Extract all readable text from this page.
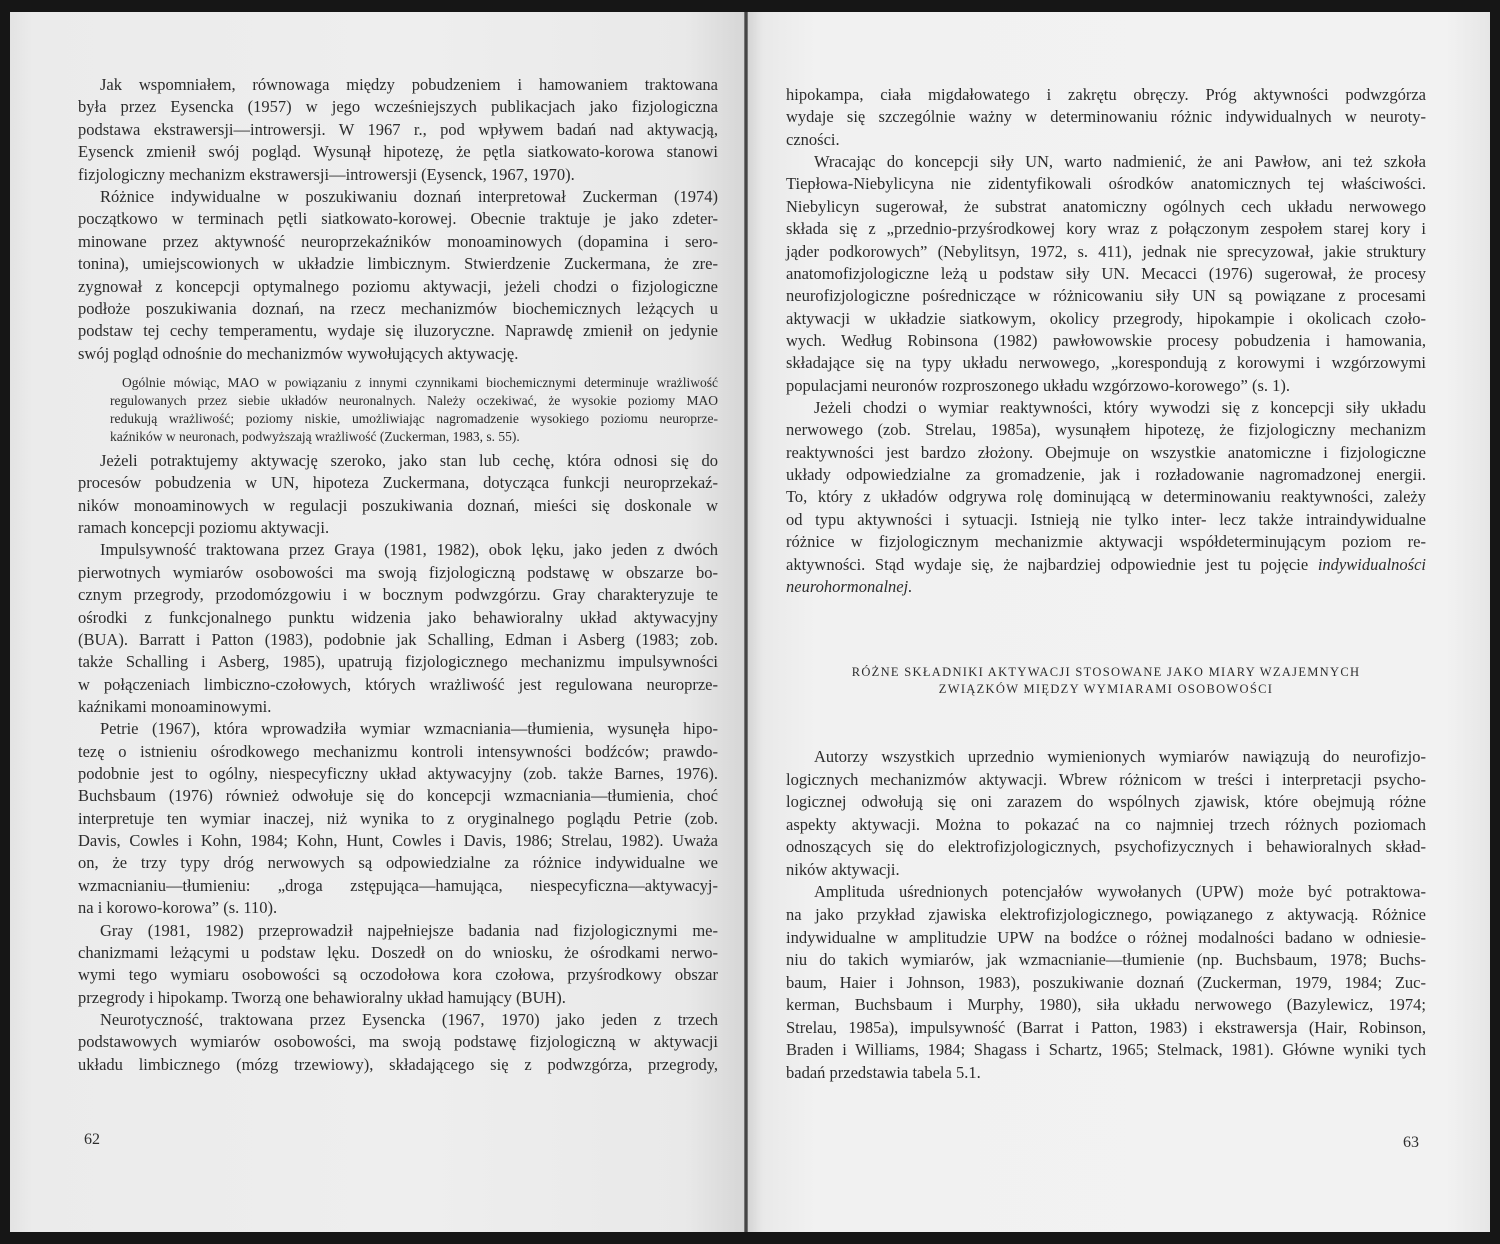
Jak wspomniałem, równowaga między pobudzeniem i hamowaniem traktowana
była przez Eysencka (1957) w jego wcześniejszych publikacjach jako fizjologiczna
podstawa ekstrawersji—introwersji. W 1967 r., pod wpływem badań nad aktywacją,
Eysenck zmienił swój pogląd. Wysunął hipotezę, że pętla siatkowato-korowa stanowi
fizjologiczny mechanizm ekstrawersji—introwersji (Eysenck, 1967, 1970).
Różnice indywidualne w poszukiwaniu doznań interpretował Zuckerman (1974)
początkowo w terminach pętli siatkowato-korowej. Obecnie traktuje je jako zdeter-
minowane przez aktywność neuroprzekaźników monoaminowych (dopamina i sero-
tonina), umiejscowionych w układzie limbicznym. Stwierdzenie Zuckermana, że zre-
zygnował z koncepcji optymalnego poziomu aktywacji, jeżeli chodzi o fizjologiczne
podłoże poszukiwania doznań, na rzecz mechanizmów biochemicznych leżących u
podstaw tej cechy temperamentu, wydaje się iluzoryczne. Naprawdę zmienił on jedynie
swój pogląd odnośnie do mechanizmów wywołujących aktywację.
Ogólnie mówiąc, MAO w powiązaniu z innymi czynnikami biochemicznymi determinuje wrażliwość
regulowanych przez siebie układów neuronalnych. Należy oczekiwać, że wysokie poziomy MAO
redukują wrażliwość; poziomy niskie, umożliwiając nagromadzenie wysokiego poziomu neuroprze-
kaźników w neuronach, podwyższają wrażliwość (Zuckerman, 1983, s. 55).
Jeżeli potraktujemy aktywację szeroko, jako stan lub cechę, która odnosi się do
procesów pobudzenia w UN, hipoteza Zuckermana, dotycząca funkcji neuroprzekaź-
ników monoaminowych w regulacji poszukiwania doznań, mieści się doskonale w
ramach koncepcji poziomu aktywacji.
Impulsywność traktowana przez Graya (1981, 1982), obok lęku, jako jeden z dwóch
pierwotnych wymiarów osobowości ma swoją fizjologiczną podstawę w obszarze bo-
cznym przegrody, przodomózgowiu i w bocznym podwzgórzu. Gray charakteryzuje te
ośrodki z funkcjonalnego punktu widzenia jako behawioralny układ aktywacyjny
(BUA). Barratt i Patton (1983), podobnie jak Schalling, Edman i Asberg (1983; zob.
także Schalling i Asberg, 1985), upatrują fizjologicznego mechanizmu impulsywności
w połączeniach limbiczno-czołowych, których wrażliwość jest regulowana neuroprze-
kaźnikami monoaminowymi.
Petrie (1967), która wprowadziła wymiar wzmacniania—tłumienia, wysunęła hipo-
tezę o istnieniu ośrodkowego mechanizmu kontroli intensywności bodźców; prawdo-
podobnie jest to ogólny, niespecyficzny układ aktywacyjny (zob. także Barnes, 1976).
Buchsbaum (1976) również odwołuje się do koncepcji wzmacniania—tłumienia, choć
interpretuje ten wymiar inaczej, niż wynika to z oryginalnego poglądu Petrie (zob.
Davis, Cowles i Kohn, 1984; Kohn, Hunt, Cowles i Davis, 1986; Strelau, 1982). Uważa
on, że trzy typy dróg nerwowych są odpowiedzialne za różnice indywidualne we
wzmacnianiu—tłumieniu: „droga zstępująca—hamująca, niespecyficzna—aktywacyj-
na i korowo-korowa” (s. 110).
Gray (1981, 1982) przeprowadził najpełniejsze badania nad fizjologicznymi me-
chanizmami leżącymi u podstaw lęku. Doszedł on do wniosku, że ośrodkami nerwo-
wymi tego wymiaru osobowości są oczodołowa kora czołowa, przyśrodkowy obszar
przegrody i hipokamp. Tworzą one behawioralny układ hamujący (BUH).
Neurotyczność, traktowana przez Eysencka (1967, 1970) jako jeden z trzech
podstawowych wymiarów osobowości, ma swoją podstawę fizjologiczną w aktywacji
układu limbicznego (mózg trzewiowy), składającego się z podwzgórza, przegrody,
62
hipokampa, ciała migdałowatego i zakrętu obręczy. Próg aktywności podwzgórza
wydaje się szczególnie ważny w determinowaniu różnic indywidualnych w neuroty-
czności.
Wracając do koncepcji siły UN, warto nadmienić, że ani Pawłow, ani też szkoła
Tiepłowa-Niebylicyna nie zidentyfikowali ośrodków anatomicznych tej właściwości.
Niebylicyn sugerował, że substrat anatomiczny ogólnych cech układu nerwowego
składa się z „przednio-przyśrodkowej kory wraz z połączonym zespołem starej kory i
jąder podkorowych” (Nebylitsyn, 1972, s. 411), jednak nie sprecyzował, jakie struktury
anatomofizjologiczne leżą u podstaw siły UN. Mecacci (1976) sugerował, że procesy
neurofizjologiczne pośredniczące w różnicowaniu siły UN są powiązane z procesami
aktywacji w układzie siatkowym, okolicy przegrody, hipokampie i okolicach czoło-
wych. Według Robinsona (1982) pawłowowskie procesy pobudzenia i hamowania,
składające się na typy układu nerwowego, „korespondują z korowymi i wzgórzowymi
populacjami neuronów rozproszonego układu wzgórzowo-korowego” (s. 1).
Jeżeli chodzi o wymiar reaktywności, który wywodzi się z koncepcji siły układu
nerwowego (zob. Strelau, 1985a), wysunąłem hipotezę, że fizjologiczny mechanizm
reaktywności jest bardzo złożony. Obejmuje on wszystkie anatomiczne i fizjologiczne
układy odpowiedzialne za gromadzenie, jak i rozładowanie nagromadzonej energii.
To, który z układów odgrywa rolę dominującą w determinowaniu reaktywności, zależy
od typu aktywności i sytuacji. Istnieją nie tylko inter- lecz także intraindywidualne
różnice w fizjologicznym mechanizmie aktywacji współdeterminującym poziom re-
aktywności. Stąd wydaje się, że najbardziej odpowiednie jest tu pojęcie indywidualności
neurohormonalnej.
RÓŻNE SKŁADNIKI AKTYWACJI STOSOWANE JAKO MIARY WZAJEMNYCH
ZWIĄZKÓW MIĘDZY WYMIARAMI OSOBOWOŚCI
Autorzy wszystkich uprzednio wymienionych wymiarów nawiązują do neurofizjo-
logicznych mechanizmów aktywacji. Wbrew różnicom w treści i interpretacji psycho-
logicznej odwołują się oni zarazem do wspólnych zjawisk, które obejmują różne
aspekty aktywacji. Można to pokazać na co najmniej trzech różnych poziomach
odnoszących się do elektrofizjologicznych, psychofizycznych i behawioralnych skład-
ników aktywacji.
Amplituda uśrednionych potencjałów wywołanych (UPW) może być potraktowa-
na jako przykład zjawiska elektrofizjologicznego, powiązanego z aktywacją. Różnice
indywidualne w amplitudzie UPW na bodźce o różnej modalności badano w odniesie-
niu do takich wymiarów, jak wzmacnianie—tłumienie (np. Buchsbaum, 1978; Buchs-
baum, Haier i Johnson, 1983), poszukiwanie doznań (Zuckerman, 1979, 1984; Zuc-
kerman, Buchsbaum i Murphy, 1980), siła układu nerwowego (Bazylewicz, 1974;
Strelau, 1985a), impulsywność (Barrat i Patton, 1983) i ekstrawersja (Hair, Robinson,
Braden i Williams, 1984; Shagass i Schartz, 1965; Stelmack, 1981). Główne wyniki tych
badań przedstawia tabela 5.1.
63
